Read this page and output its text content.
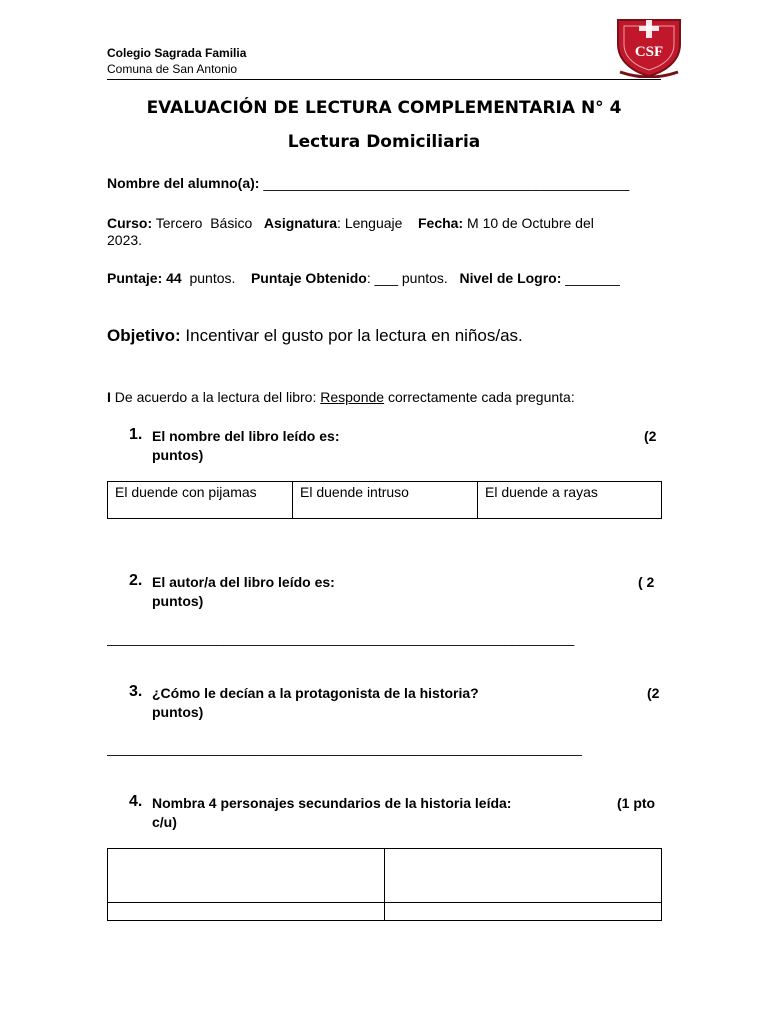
Colegio Sagrada Familia
Comuna de San Antonio
CSF
EVALUACIÓN DE LECTURA COMPLEMENTARIA N° 4
Lectura Domiciliaria
Nombre del alumno(a): _______________________________________________
Curso: Tercero  Básico   Asignatura: Lenguaje    Fecha: M 10 de Octubre del
2023.
Puntaje: 44  puntos.    Puntaje Obtenido: ___ puntos.   Nivel de Logro: _______
Objetivo: Incentivar el gusto por la lectura en niños/as.
I De acuerdo a la lectura del libro: Responde correctamente cada pregunta:
1. El nombre del libro leído es:	(2
puntos)
El duende con pijamas	El duende intruso	El duende a rayas
2. El autor/a del libro leído es:	( 2
puntos)
____________________________________________________________
3. ¿Cómo le decían a la protagonista de la historia?	(2
puntos)
_____________________________________________________________
4. Nombra 4 personajes secundarios de la historia leída:	(1 pto
c/u)
